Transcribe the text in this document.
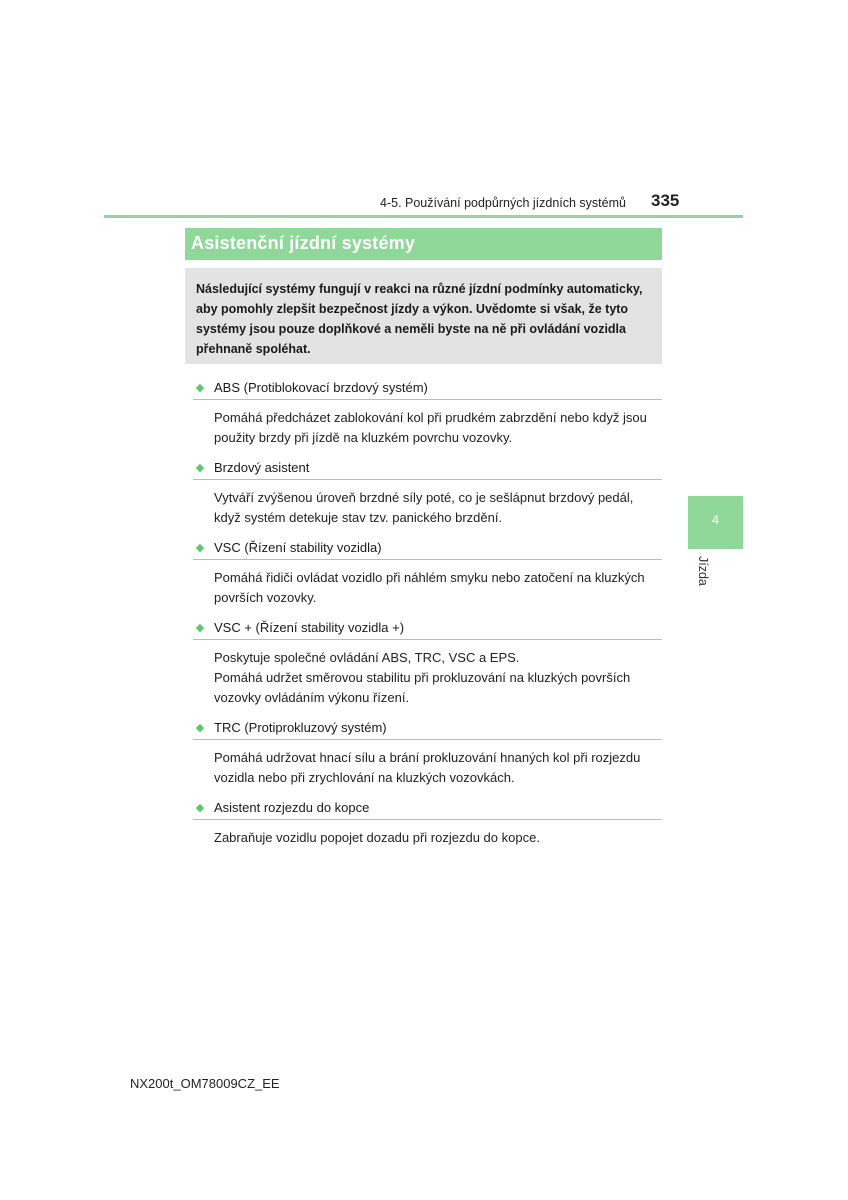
4-5. Používání podpůrných jízdních systémů 335
4
Jízda
Asistenční jízdní systémy
Následující systémy fungují v reakci na různé jízdní podmínky automaticky, aby pomohly zlepšit bezpečnost jízdy a výkon. Uvědomte si však, že tyto systémy jsou pouze doplňkové a neměli byste na ně při ovládání vozidla přehnaně spoléhat.
◆ ABS (Protiblokovací brzdový systém)
Pomáhá předcházet zablokování kol při prudkém zabrzdění nebo když jsou použity brzdy při jízdě na kluzkém povrchu vozovky.
◆ Brzdový asistent
Vytváří zvýšenou úroveň brzdné síly poté, co je sešlápnut brzdový pedál, když systém detekuje stav tzv. panického brzdění.
◆ VSC (Řízení stability vozidla)
Pomáhá řidiči ovládat vozidlo při náhlém smyku nebo zatočení na kluzkých površích vozovky.
◆ VSC + (Řízení stability vozidla +)
Poskytuje společné ovládání ABS, TRC, VSC a EPS.
Pomáhá udržet směrovou stabilitu při prokluzování na kluzkých površích vozovky ovládáním výkonu řízení.
◆ TRC (Protiprokluzový systém)
Pomáhá udržovat hnací sílu a brání prokluzování hnaných kol při rozjezdu vozidla nebo při zrychlování na kluzkých vozovkách.
◆ Asistent rozjezdu do kopce
Zabraňuje vozidlu popojet dozadu při rozjezdu do kopce.
NX200t_OM78009CZ_EE
